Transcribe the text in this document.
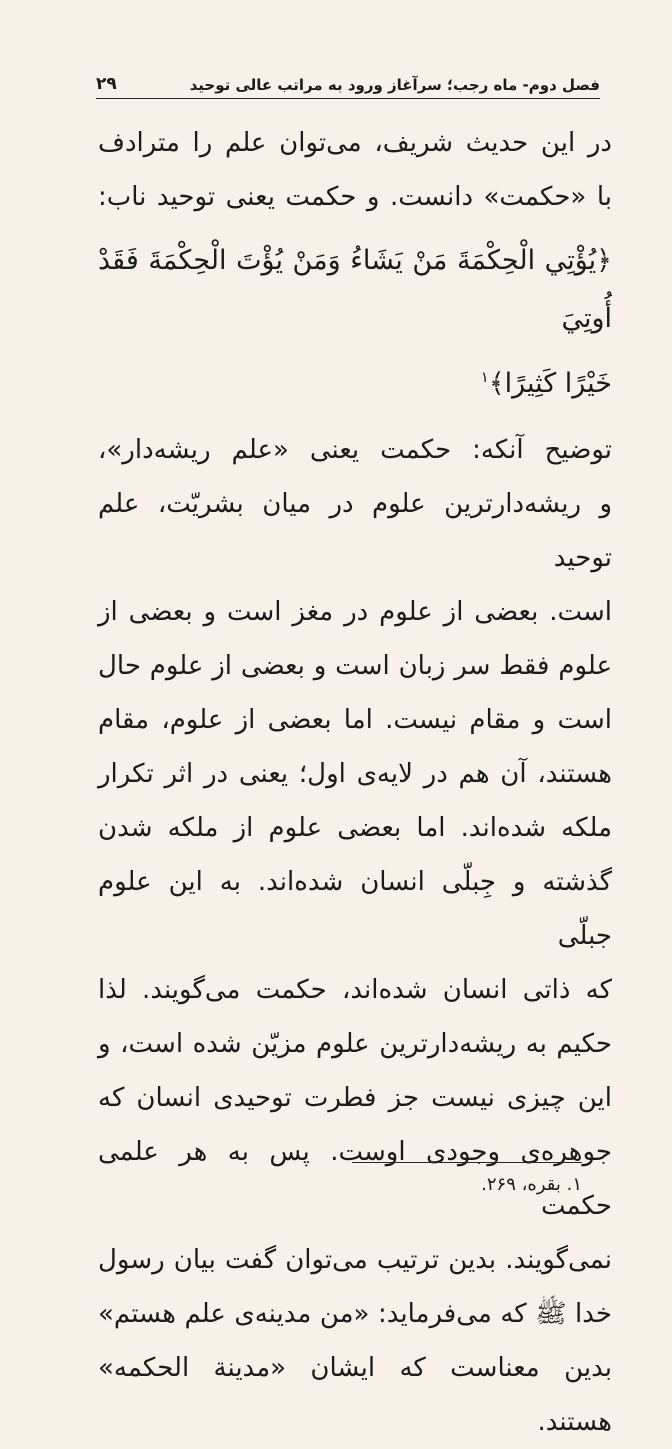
فصل دوم- ماه رجب؛ سرآغاز ورود به مراتب عالی توحید
۲۹

در این حدیث شریف، می‌توان علم را مترادف

با «حکمت» دانست. و حکمت یعنی توحید ناب:

﴿يُؤْتِي الْحِكْمَةَ مَنْ يَشَاءُ وَمَنْ يُؤْتَ الْحِكْمَةَ فَقَدْ أُوتِيَ

خَيْرًا كَثِيرًا﴾$^۱$

توضیح آنکه: حکمت یعنی «علم ریشه‌دار»،

و ریشه‌دارترین علوم در میان بشریّت، علم توحید

است. بعضی از علوم در مغز است و بعضی از

علوم فقط سر زبان است و بعضی از علوم حال

است و مقام نیست. اما بعضی از علوم، مقام

هستند، آن هم در لایه‌ی اول؛ یعنی در اثر تکرار

ملکه شده‌اند. اما بعضی علوم از ملکه شدن

گذشته و جِبلّی انسان شده‌اند. به این علوم جبلّی

که ذاتی انسان شده‌اند، حکمت می‌گویند. لذا

حکیم به ریشه‌دارترین علوم مزیّن شده است، و

این چیزی نیست جز فطرت توحیدی انسان که

جوهره‌ی وجودی اوست. پس به هر علمی حکمت

نمی‌گویند. بدین ترتیب می‌توان گفت بیان رسول

خدا ﷺ که می‌فرماید: «من مدینه‌ی علم هستم»

بدین معناست که ایشان «مدینة الحکمه» هستند.

۱. بقره، ۲۶۹.
